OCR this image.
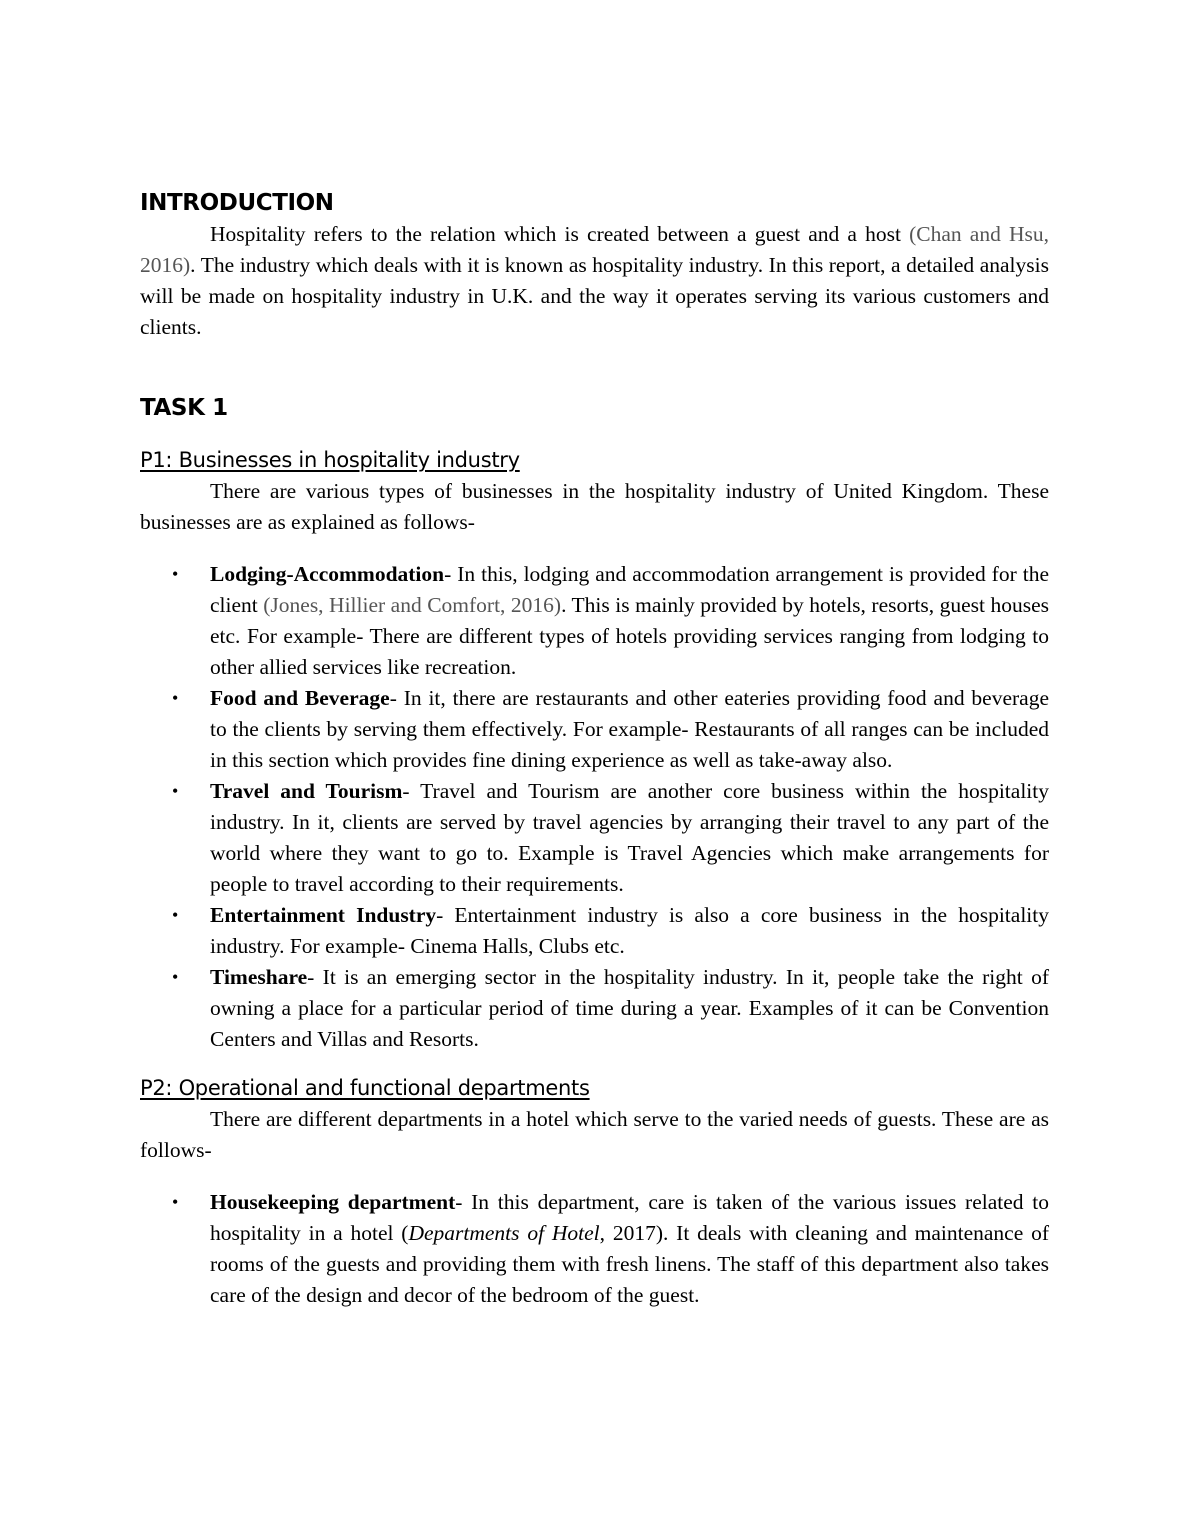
INTRODUCTION

Hospitality refers to the relation which is created between a guest and a host (Chan and Hsu, 2016). The industry which deals with it is known as hospitality industry. In this report, a detailed analysis will be made on hospitality industry in U.K. and the way it operates serving its various customers and clients.

TASK 1
P1: Businesses in hospitality industry

There are various types of businesses in the hospitality industry of United Kingdom. These businesses are as explained as follows-

• Lodging-Accommodation- In this, lodging and accommodation arrangement is provided for the client (Jones, Hillier and Comfort, 2016). This is mainly provided by hotels, resorts, guest houses etc. For example- There are different types of hotels providing services ranging from lodging to other allied services like recreation.
• Food and Beverage- In it, there are restaurants and other eateries providing food and beverage to the clients by serving them effectively. For example- Restaurants of all ranges can be included in this section which provides fine dining experience as well as take-away also.
• Travel and Tourism- Travel and Tourism are another core business within the hospitality industry. In it, clients are served by travel agencies by arranging their travel to any part of the world where they want to go to. Example is Travel Agencies which make arrangements for people to travel according to their requirements.
• Entertainment Industry- Entertainment industry is also a core business in the hospitality industry. For example- Cinema Halls, Clubs etc.
• Timeshare- It is an emerging sector in the hospitality industry. In it, people take the right of owning a place for a particular period of time during a year. Examples of it can be Convention Centers and Villas and Resorts.
P2: Operational and functional departments

There are different departments in a hotel which serve to the varied needs of guests. These are as follows-

• Housekeeping department- In this department, care is taken of the various issues related to hospitality in a hotel (Departments of Hotel, 2017). It deals with cleaning and maintenance of rooms of the guests and providing them with fresh linens. The staff of this department also takes care of the design and decor of the bedroom of the guest.
